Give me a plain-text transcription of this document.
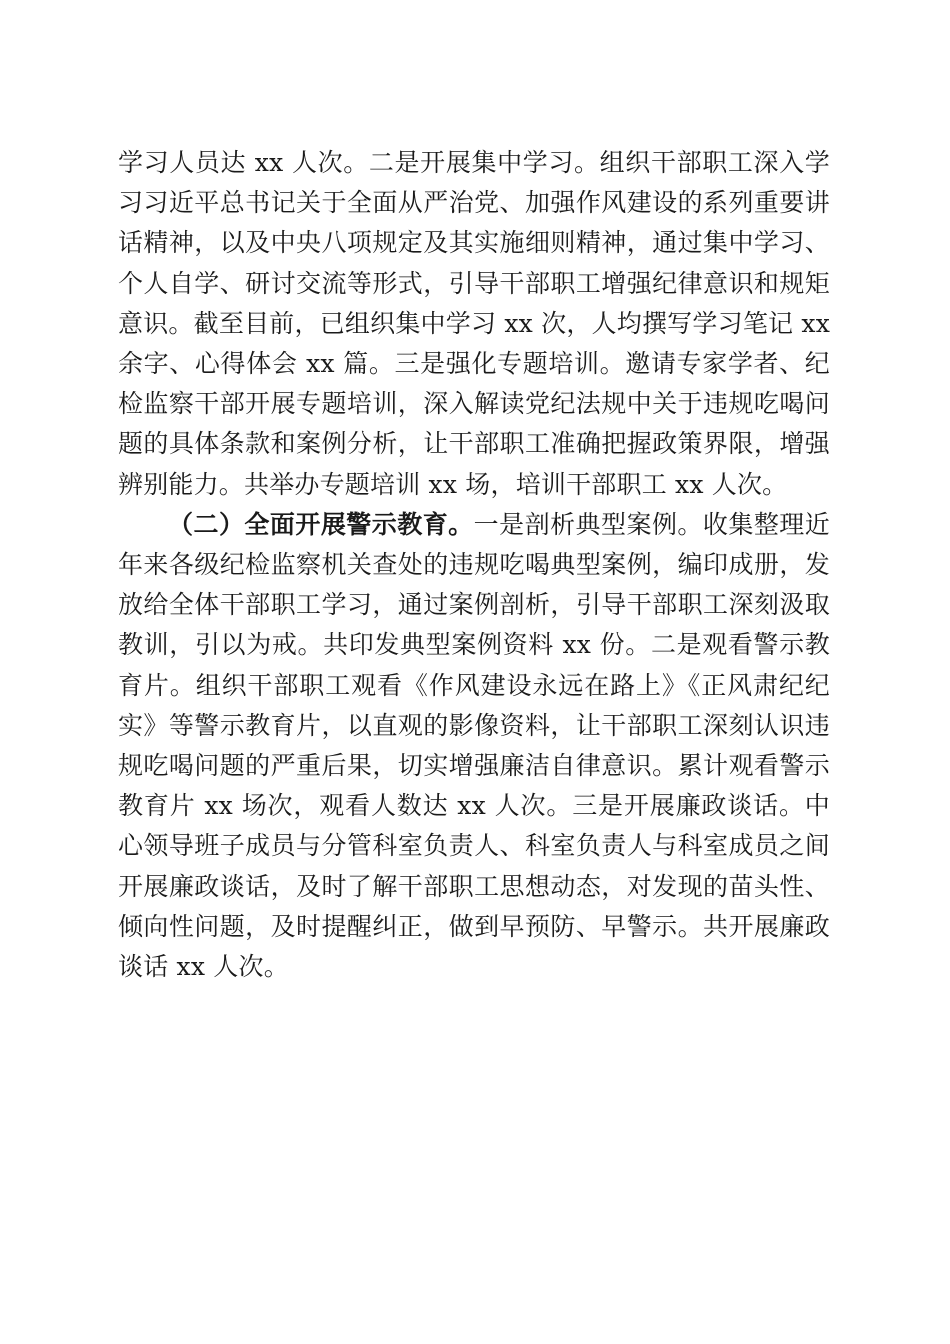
学习人员达 xx 人次。二是开展集中学习。组织干部职工深入学习习近平总书记关于全面从严治党、加强作风建设的系列重要讲话精神，以及中央八项规定及其实施细则精神，通过集中学习、个人自学、研讨交流等形式，引导干部职工增强纪律意识和规矩意识。截至目前，已组织集中学习 xx 次，人均撰写学习笔记 xx 余字、心得体会 xx 篇。三是强化专题培训。邀请专家学者、纪检监察干部开展专题培训，深入解读党纪法规中关于违规吃喝问题的具体条款和案例分析，让干部职工准确把握政策界限，增强辨别能力。共举办专题培训 xx 场，培训干部职工 xx 人次。

（二）全面开展警示教育。一是剖析典型案例。收集整理近年来各级纪检监察机关查处的违规吃喝典型案例，编印成册，发放给全体干部职工学习，通过案例剖析，引导干部职工深刻汲取教训，引以为戒。共印发典型案例资料 xx 份。二是观看警示教育片。组织干部职工观看《作风建设永远在路上》《正风肃纪纪实》等警示教育片，以直观的影像资料，让干部职工深刻认识违规吃喝问题的严重后果，切实增强廉洁自律意识。累计观看警示教育片 xx 场次，观看人数达 xx 人次。三是开展廉政谈话。中心领导班子成员与分管科室负责人、科室负责人与科室成员之间开展廉政谈话，及时了解干部职工思想动态，对发现的苗头性、倾向性问题，及时提醒纠正，做到早预防、早警示。共开展廉政谈话 xx 人次。
